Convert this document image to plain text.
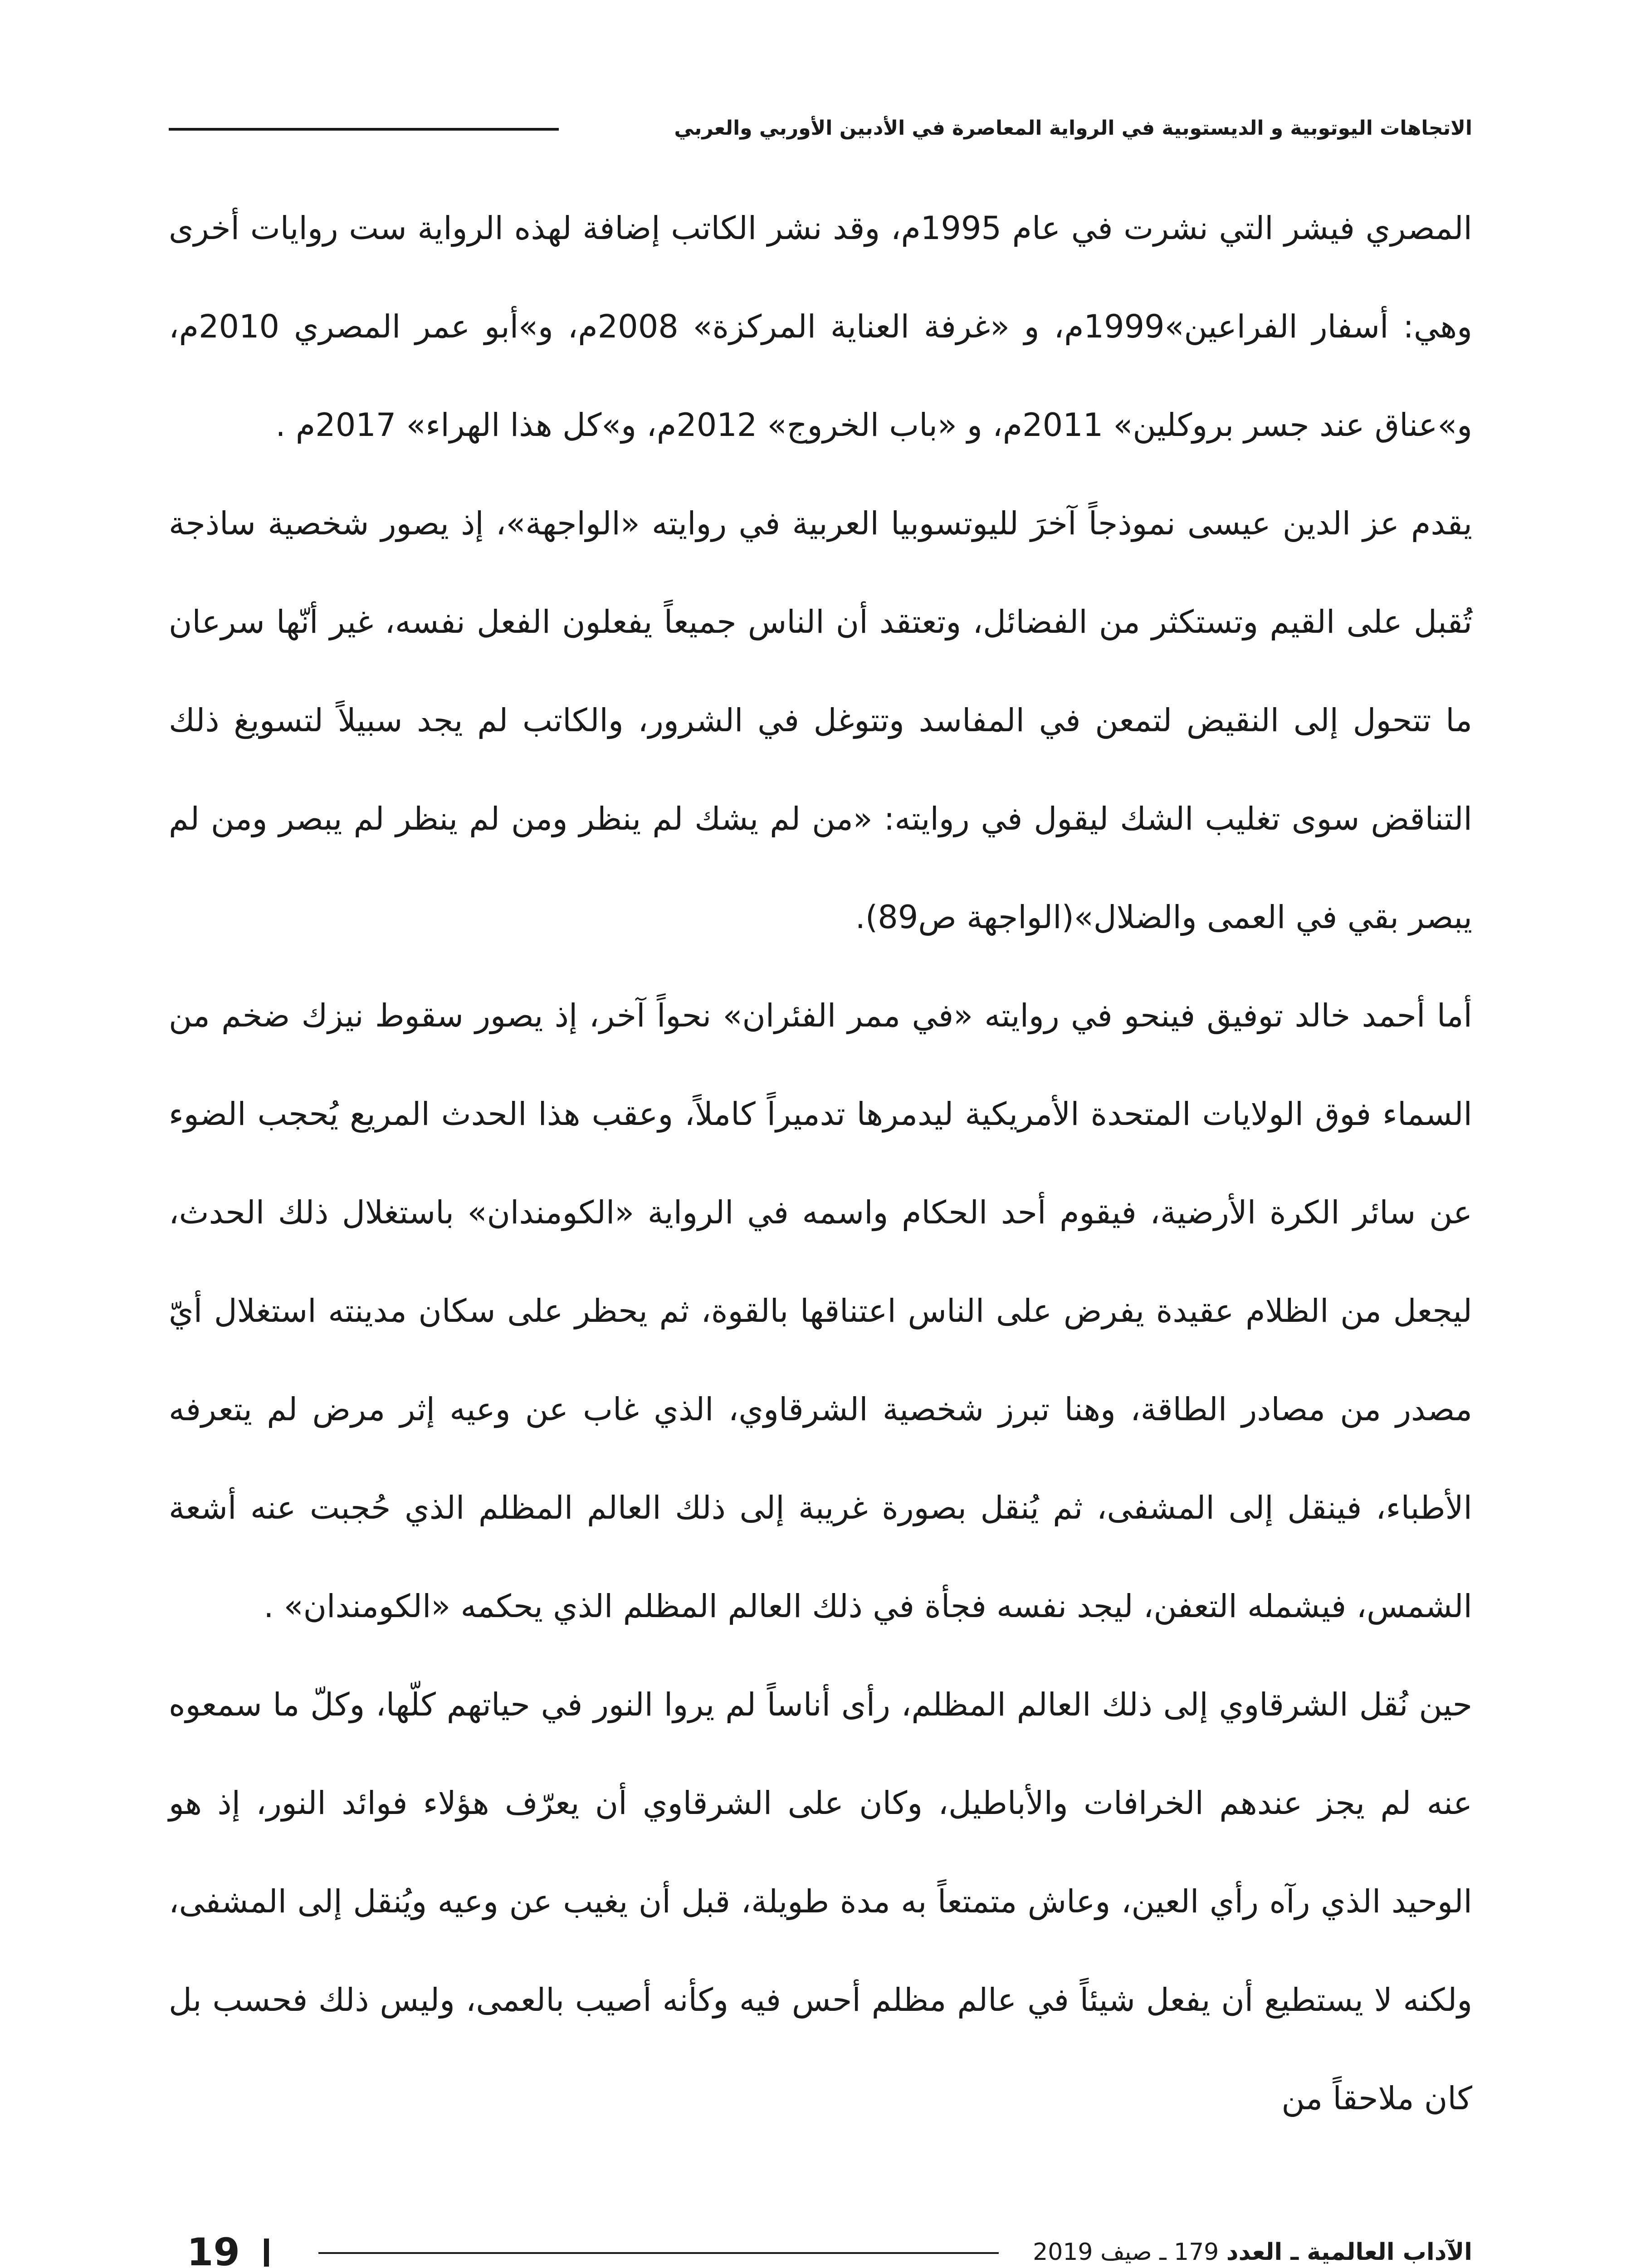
الاتجاهات اليوتوبية و الديستوبية في الرواية المعاصرة في الأدبين الأوربي والعربي

المصري فيشر التي نشرت في عام 1995م، وقد نشر الكاتب إضافة لهذه الرواية ست روايات أخرى وهي: أسفار الفراعين»1999م، و «غرفة العناية المركزة» 2008م، و»أبو عمر المصري 2010م، و»عناق عند جسر بروكلين» 2011م، و «باب الخروج» 2012م، و»كل هذا الهراء» 2017م .

يقدم عز الدين عيسى نموذجاً آخرَ لليوتسوبيا العربية في روايته «الواجهة»، إذ يصور شخصية ساذجة تُقبل على القيم وتستكثر من الفضائل، وتعتقد أن الناس جميعاً يفعلون الفعل نفسه، غير أنّها سرعان ما تتحول إلى النقيض لتمعن في المفاسد وتتوغل في الشرور، والكاتب لم يجد سبيلاً لتسويغ ذلك التناقض سوى تغليب الشك ليقول في روايته: «من لم يشك لم ينظر ومن لم ينظر لم يبصر ومن لم يبصر بقي في العمى والضلال»(الواجهة ص89).

أما أحمد خالد توفيق فينحو في روايته «في ممر الفئران» نحواً آخر، إذ يصور سقوط نيزك ضخم من السماء فوق الولايات المتحدة الأمريكية ليدمرها تدميراً كاملاً، وعقب هذا الحدث المريع يُحجب الضوء عن سائر الكرة الأرضية، فيقوم أحد الحكام واسمه في الرواية «الكومندان» باستغلال ذلك الحدث، ليجعل من الظلام عقيدة يفرض على الناس اعتناقها بالقوة، ثم يحظر على سكان مدينته استغلال أيّ مصدر من مصادر الطاقة، وهنا تبرز شخصية الشرقاوي، الذي غاب عن وعيه إثر مرض لم يتعرفه الأطباء، فينقل إلى المشفى، ثم يُنقل بصورة غريبة إلى ذلك العالم المظلم الذي حُجبت عنه أشعة الشمس، فيشمله التعفن، ليجد نفسه فجأة في ذلك العالم المظلم الذي يحكمه «الكومندان» .

حين نُقل الشرقاوي إلى ذلك العالم المظلم، رأى أناساً لم يروا النور في حياتهم كلّها، وكلّ ما سمعوه عنه لم يجز عندهم الخرافات والأباطيل، وكان على الشرقاوي أن يعرّف هؤلاء فوائد النور، إذ هو الوحيد الذي رآه رأي العين، وعاش متمتعاً به مدة طويلة، قبل أن يغيب عن وعيه ويُنقل إلى المشفى، ولكنه لا يستطيع أن يفعل شيئاً في عالم مظلم أحس فيه وكأنه أصيب بالعمى، وليس ذلك فحسب بل كان ملاحقاً من

19	الآداب العالمية ـ العدد 179 ـ صيف 2019
